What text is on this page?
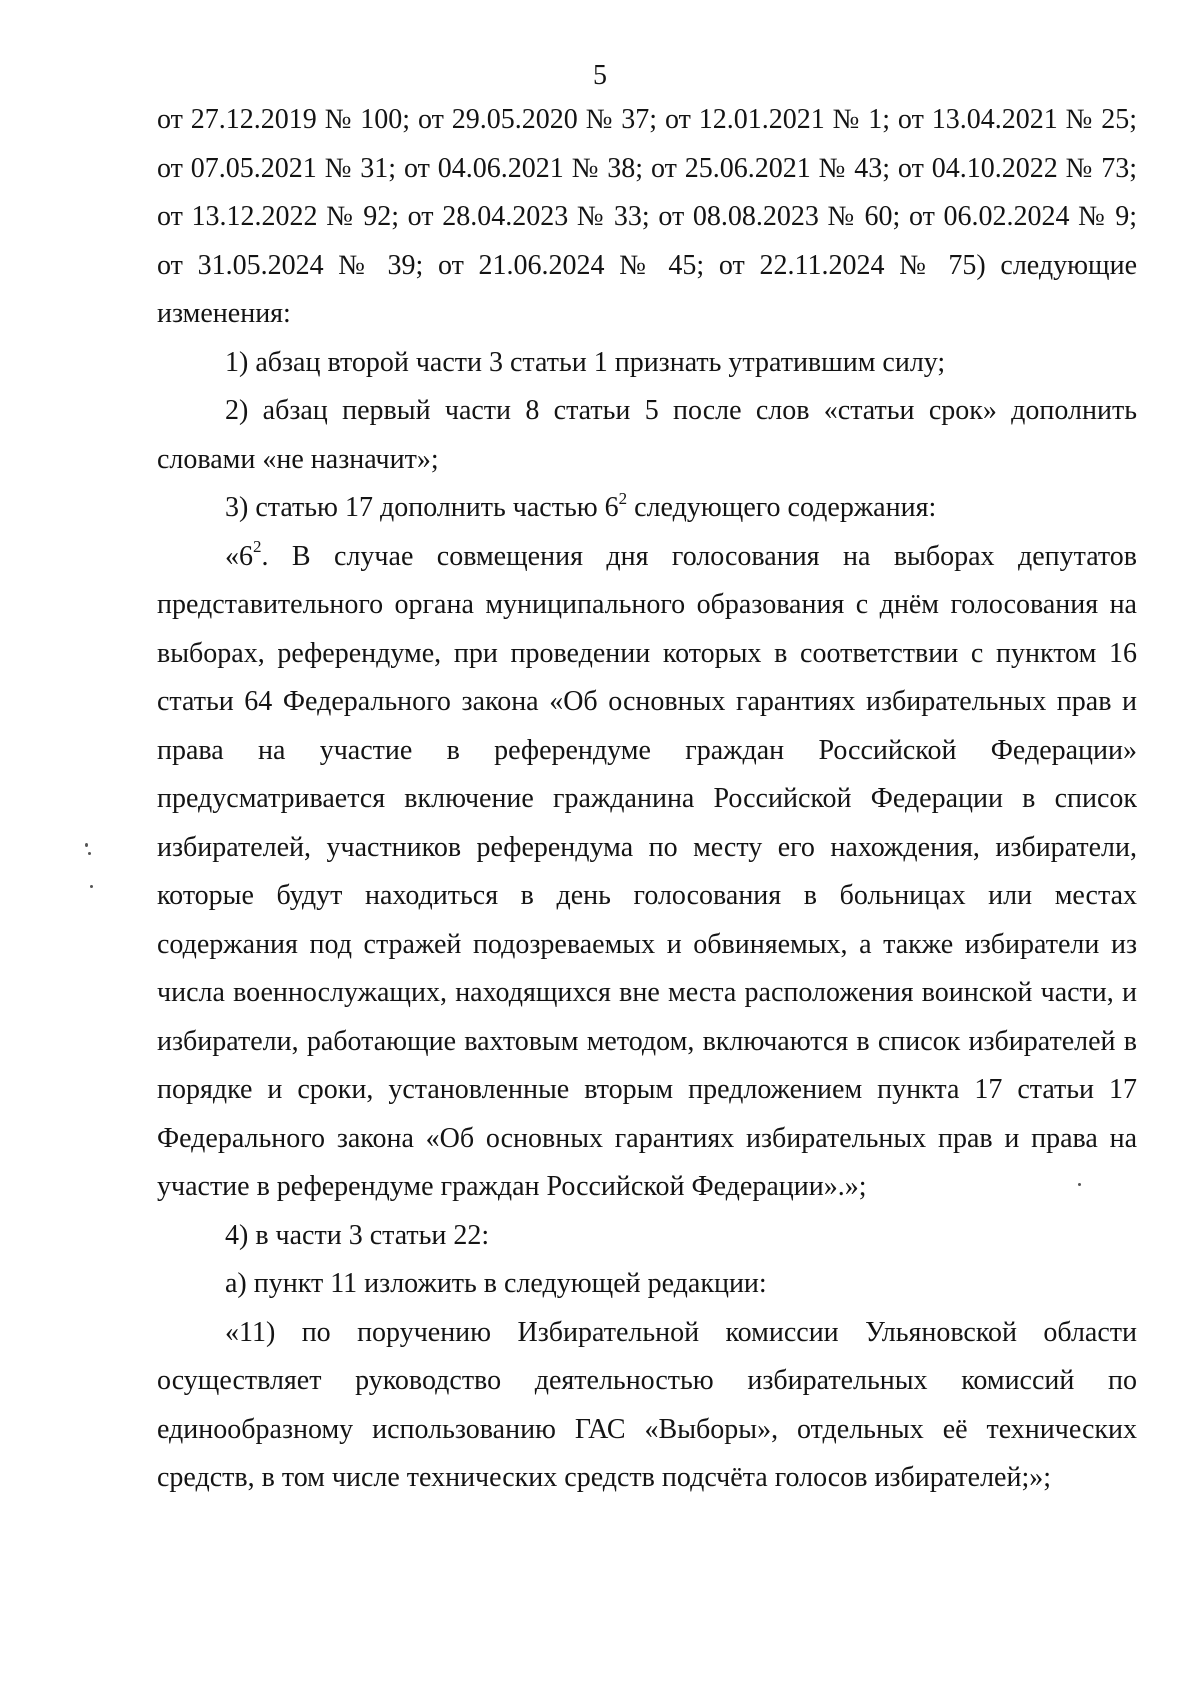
5

от 27.12.2019 № 100; от 29.05.2020 № 37; от 12.01.2021 № 1; от 13.04.2021 № 25; от 07.05.2021 № 31; от 04.06.2021 № 38; от 25.06.2021 № 43; от 04.10.2022 № 73; от 13.12.2022 № 92; от 28.04.2023 № 33; от 08.08.2023 № 60; от 06.02.2024 № 9; от 31.05.2024 № 39; от 21.06.2024 № 45; от 22.11.2024 № 75) следующие изменения:

1) абзац второй части 3 статьи 1 признать утратившим силу;

2) абзац первый части 8 статьи 5 после слов «статьи срок» дополнить словами «не назначит»;

3) статью 17 дополнить частью $6^2$ следующего содержания:

«$6^2$. В случае совмещения дня голосования на выборах депутатов представительного органа муниципального образования с днём голосования на выборах, референдуме, при проведении которых в соответствии с пунктом 16 статьи 64 Федерального закона «Об основных гарантиях избирательных прав и права на участие в референдуме граждан Российской Федерации» предусматривается включение гражданина Российской Федерации в список избирателей, участников референдума по месту его нахождения, избиратели, которые будут находиться в день голосования в больницах или местах содержания под стражей подозреваемых и обвиняемых, а также избиратели из числа военнослужащих, находящихся вне места расположения воинской части, и избиратели, работающие вахтовым методом, включаются в список избирателей в порядке и сроки, установленные вторым предложением пункта 17 статьи 17 Федерального закона «Об основных гарантиях избирательных прав и права на участие в референдуме граждан Российской Федерации».»;

4) в части 3 статьи 22:

а) пункт 11 изложить в следующей редакции:

«11) по поручению Избирательной комиссии Ульяновской области осуществляет руководство деятельностью избирательных комиссий по единообразному использованию ГАС «Выборы», отдельных её технических средств, в том числе технических средств подсчёта голосов избирателей;»;
